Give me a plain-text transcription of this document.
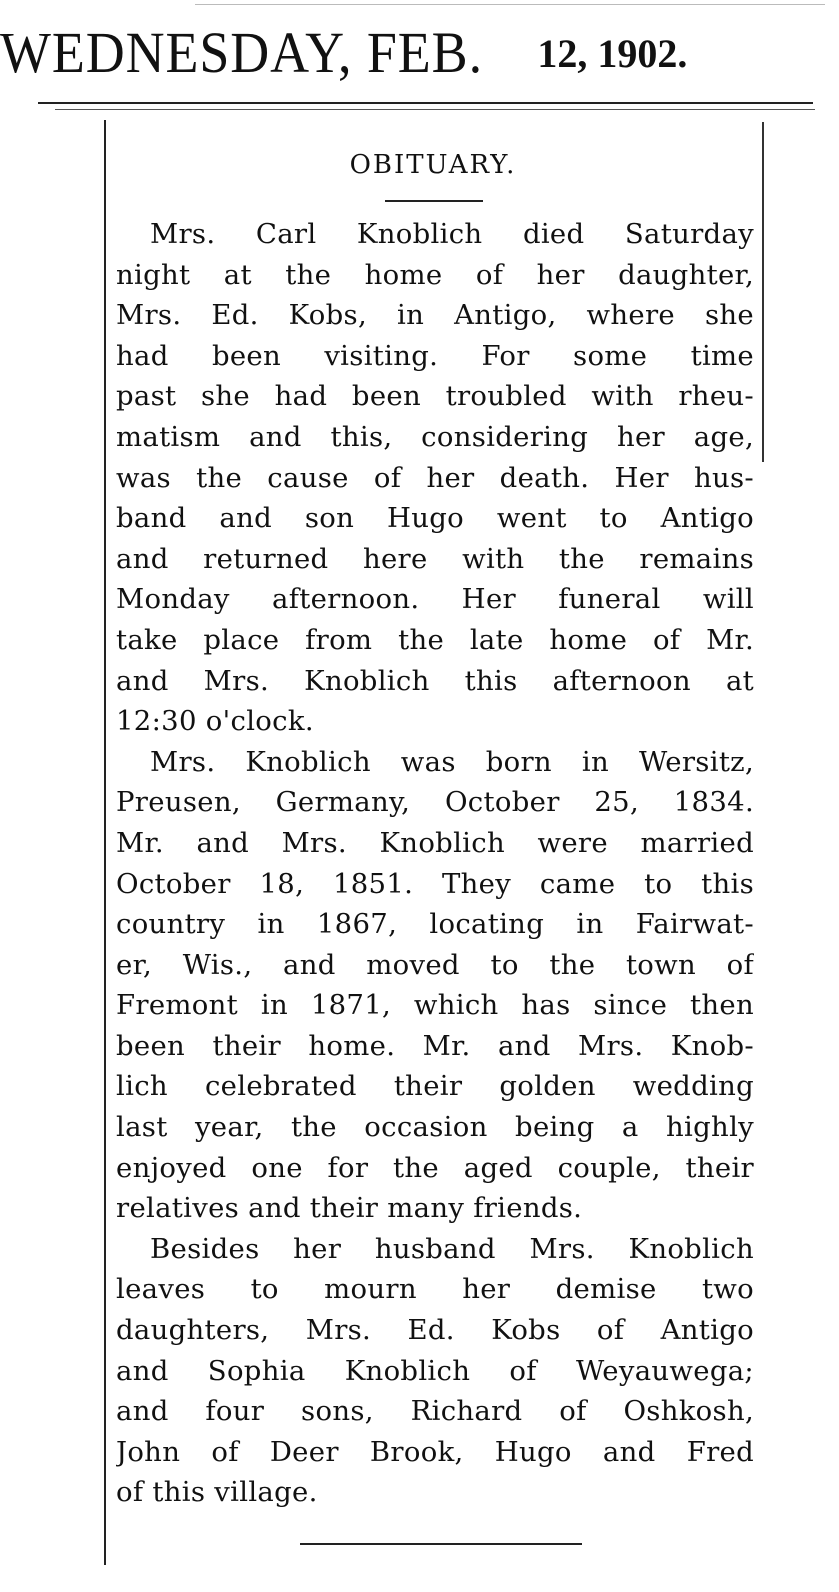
WEDNESDAY, FEB. 12, 1902.
OBITUARY.
Mrs. Carl Knoblich died Saturday
night at the home of her daughter,
Mrs. Ed. Kobs, in Antigo, where she
had been visiting. For some time
past she had been troubled with rheu-
matism and this, considering her age,
was the cause of her death. Her hus-
band and son Hugo went to Antigo
and returned here with the remains
Monday afternoon. Her funeral will
take place from the late home of Mr.
and Mrs. Knoblich this afternoon at
12:30 o'clock.
Mrs. Knoblich was born in Wersitz,
Preusen, Germany, October 25, 1834.
Mr. and Mrs. Knoblich were married
October 18, 1851. They came to this
country in 1867, locating in Fairwat-
er, Wis., and moved to the town of
Fremont in 1871, which has since then
been their home. Mr. and Mrs. Knob-
lich celebrated their golden wedding
last year, the occasion being a highly
enjoyed one for the aged couple, their
relatives and their many friends.
Besides her husband Mrs. Knoblich
leaves to mourn her demise two
daughters, Mrs. Ed. Kobs of Antigo
and Sophia Knoblich of Weyauwega;
and four sons, Richard of Oshkosh,
John of Deer Brook, Hugo and Fred
of this village.
